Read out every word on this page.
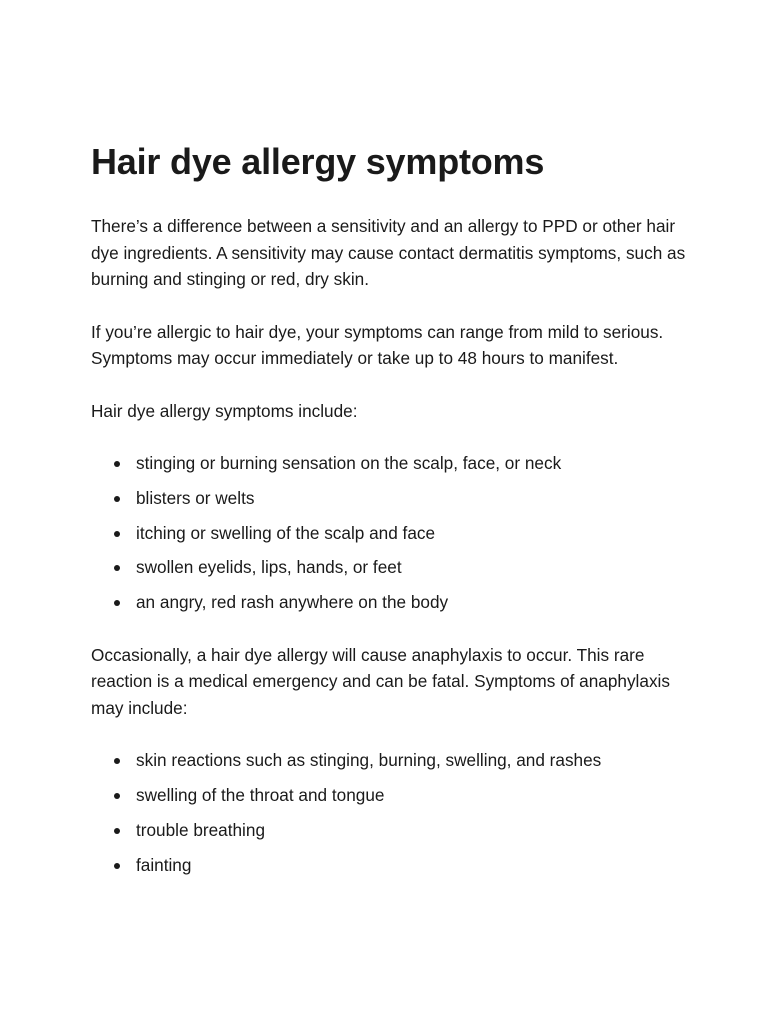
Hair dye allergy symptoms

There’s a difference between a sensitivity and an allergy to PPD or other hair dye ingredients. A sensitivity may cause contact dermatitis symptoms, such as burning and stinging or red, dry skin.

If you’re allergic to hair dye, your symptoms can range from mild to serious. Symptoms may occur immediately or take up to 48 hours to manifest.

Hair dye allergy symptoms include:

stinging or burning sensation on the scalp, face, or neck
blisters or welts
itching or swelling of the scalp and face
swollen eyelids, lips, hands, or feet
an angry, red rash anywhere on the body

Occasionally, a hair dye allergy will cause anaphylaxis to occur. This rare reaction is a medical emergency and can be fatal. Symptoms of anaphylaxis may include:

skin reactions such as stinging, burning, swelling, and rashes
swelling of the throat and tongue
trouble breathing
fainting
